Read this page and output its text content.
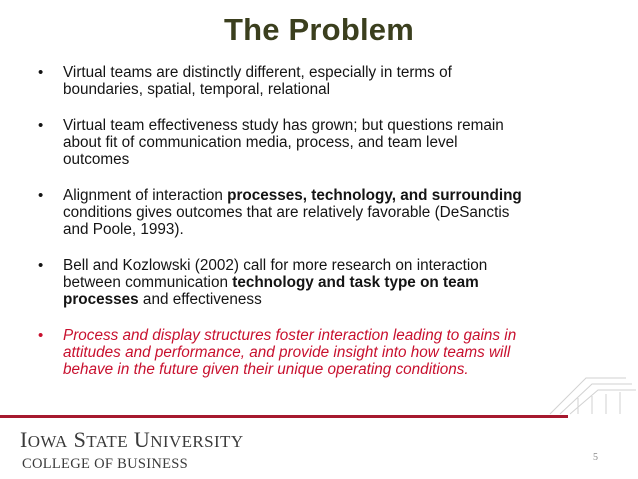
The Problem
• Virtual teams are distinctly different, especially in terms of
boundaries, spatial, temporal, relational
• Virtual team effectiveness study has grown; but questions remain
about fit of communication media, process, and team level
outcomes
• Alignment of interaction processes, technology, and surrounding
conditions gives outcomes that are relatively favorable (DeSanctis
and Poole, 1993).
• Bell and Kozlowski (2002) call for more research on interaction
between communication technology and task type on team
processes and effectiveness
• Process and display structures foster interaction leading to gains in
attitudes and performance, and provide insight into how teams will
behave in the future given their unique operating conditions.
IOWA STATE UNIVERSITY
COLLEGE OF BUSINESS	5
